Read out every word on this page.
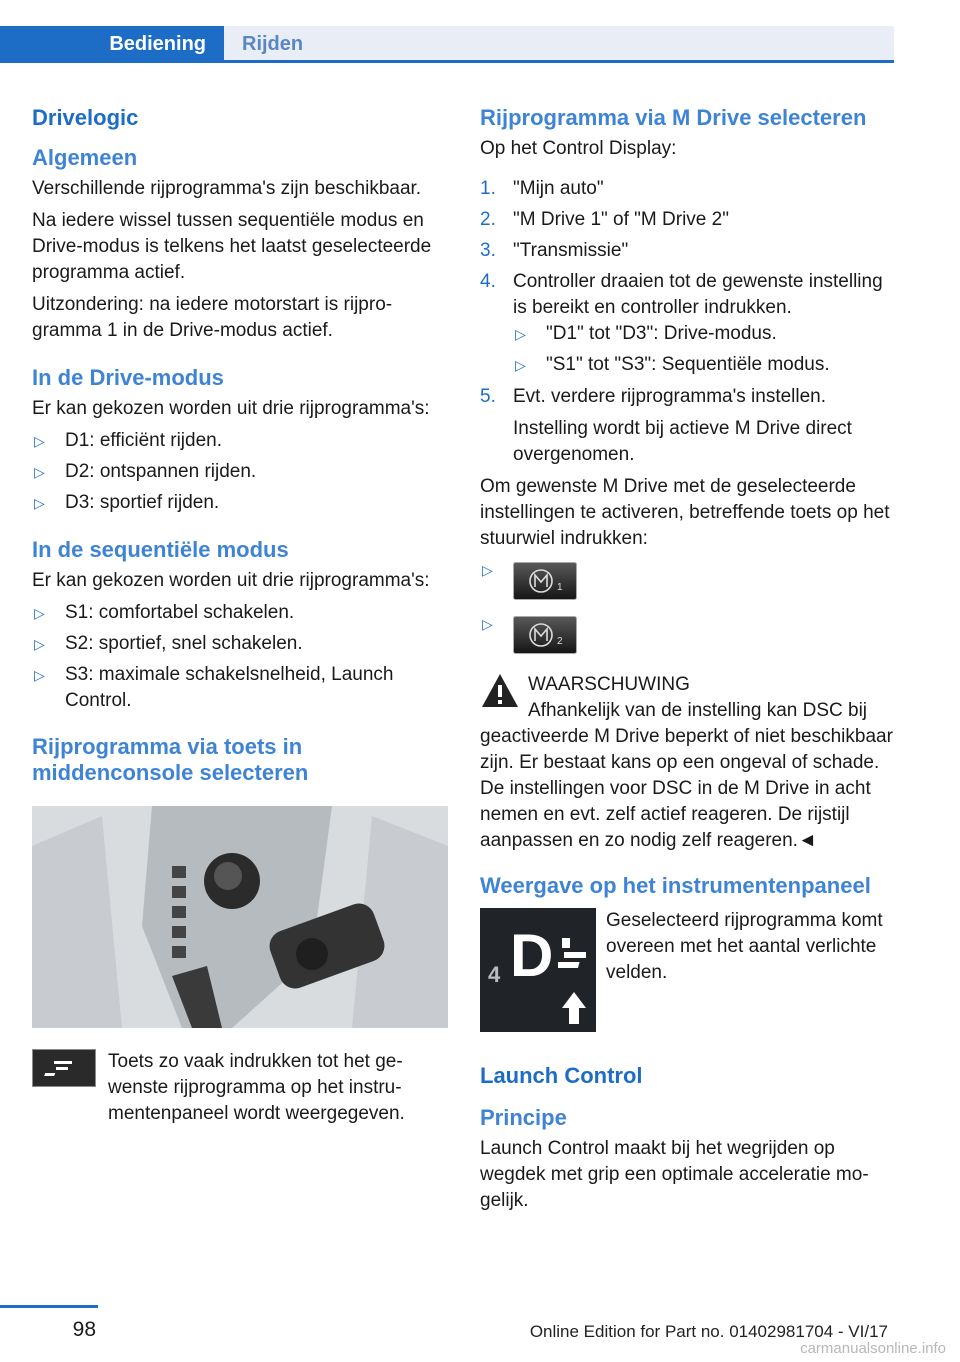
Bediening	Rijden
Drivelogic
Algemeen

Verschillende rijprogramma's zijn beschikbaar.

Na iedere wissel tussen sequentiële modus en Drive-modus is telkens het laatst geselecteerde programma actief.

Uitzondering: na iedere motorstart is rijprogramma 1 in de Drive-modus actief.

In de Drive-modus

Er kan gekozen worden uit drie rijprogramma's:

▷ D1: efficiënt rijden.
▷ D2: ontspannen rijden.
▷ D3: sportief rijden.
In de sequentiële modus

Er kan gekozen worden uit drie rijprogramma's:

▷ S1: comfortabel schakelen.
▷ S2: sportief, snel schakelen.
▷ S3: maximale schakelsnelheid, Launch Control.
Rijprogramma via toets in middenconsole selecteren

Toets zo vaak indrukken tot het gewenste rijprogramma op het instrumentenpaneel wordt weergegeven.

Rijprogramma via M Drive selecteren

Op het Control Display:

1. "Mijn auto"
2. "M Drive 1" of "M Drive 2"
3. "Transmissie"
4. Controller draaien tot de gewenste instelling is bereikt en controller indrukken.
▷ "D1" tot "D3": Drive-modus.
▷ "S1" tot "S3": Sequentiële modus.
5. Evt. verdere rijprogramma's instellen.
Instelling wordt bij actieve M Drive direct overgenomen.

Om gewenste M Drive met de geselecteerde instellingen te activeren, betreffende toets op het stuurwiel indrukken:

▷
1
▷
2

WAARSCHUWING

Afhankelijk van de instelling kan DSC bij

geactiveerde M Drive beperkt of niet beschikbaar zijn. Er bestaat kans op een ongeval of schade. De instellingen voor DSC in de M Drive in acht nemen en evt. zelf actief reageren. De rijstijl aanpassen en zo nodig zelf reageren.◄

Weergave op het instrumentenpaneel
4 D

Geselecteerd rijprogramma komt overeen met het aantal verlichte velden.

Launch Control
Principe

Launch Control maakt bij het wegrijden op wegdek met grip een optimale acceleratie mogelijk.

98	Online Edition for Part no. 01402981704 - VI/17
carmanualsonline.info
